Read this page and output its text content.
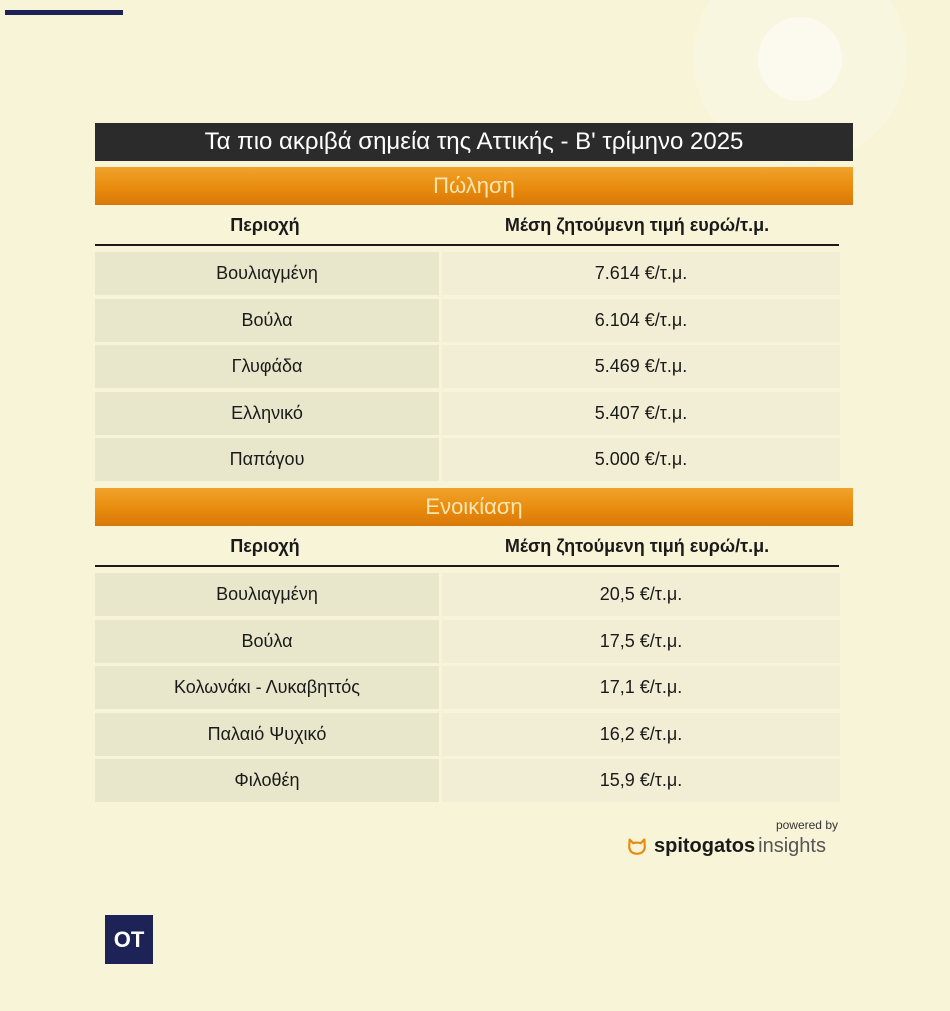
Τα πιο ακριβά σημεία της Αττικής - Β' τρίμηνο 2025
Πώληση
Περιοχή	Μέση ζητούμενη τιμή ευρώ/τ.μ.
Βουλιαγμένη	7.614 €/τ.μ.
Βούλα	6.104 €/τ.μ.
Γλυφάδα	5.469 €/τ.μ.
Ελληνικό	5.407 €/τ.μ.
Παπάγου	5.000 €/τ.μ.
Ενοικίαση
Περιοχή	Μέση ζητούμενη τιμή ευρώ/τ.μ.
Βουλιαγμένη	20,5 €/τ.μ.
Βούλα	17,5 €/τ.μ.
Κολωνάκι - Λυκαβηττός	17,1 €/τ.μ.
Παλαιό Ψυχικό	16,2 €/τ.μ.
Φιλοθέη	15,9 €/τ.μ.
powered by
spitogatos insights
OT
